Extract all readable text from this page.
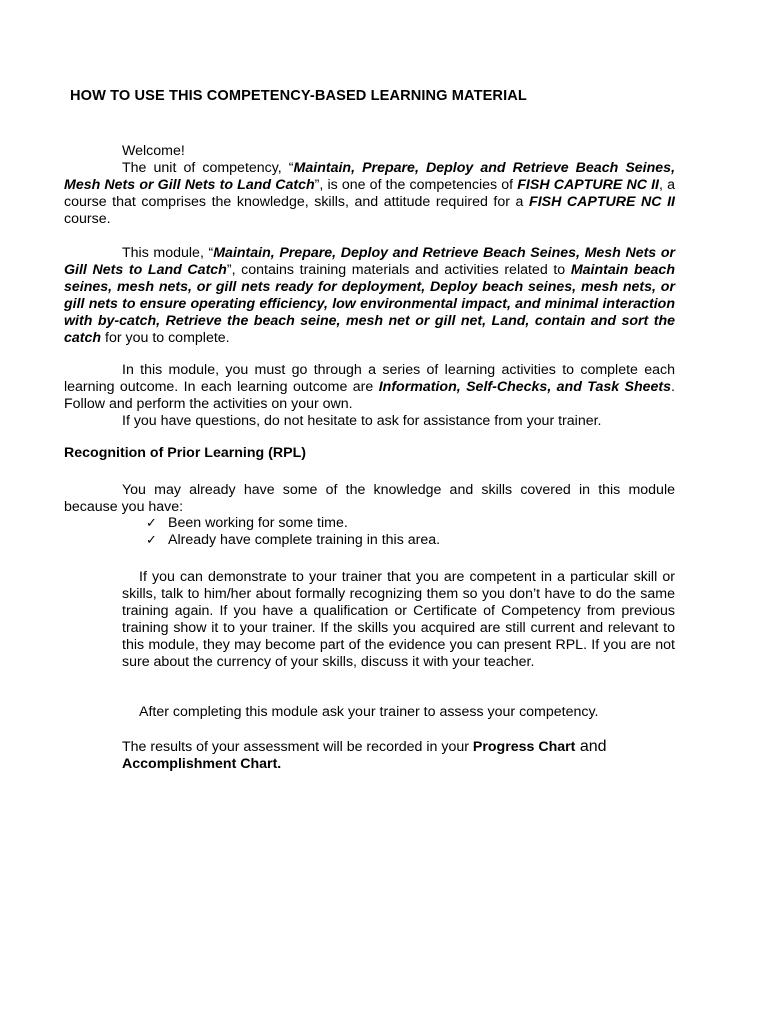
HOW TO USE THIS COMPETENCY-BASED LEARNING MATERIAL

Welcome!

The unit of competency, “Maintain, Prepare, Deploy and Retrieve Beach Seines, Mesh Nets or Gill Nets to Land Catch”, is one of the competencies of FISH CAPTURE NC II, a course that comprises the knowledge, skills, and attitude required for a FISH CAPTURE NC II course.

This module, “Maintain, Prepare, Deploy and Retrieve Beach Seines, Mesh Nets or Gill Nets to Land Catch”, contains training materials and activities related to Maintain beach seines, mesh nets, or gill nets ready for deployment, Deploy beach seines, mesh nets, or gill nets to ensure operating efficiency, low environmental impact, and minimal interaction with by-catch, Retrieve the beach seine, mesh net or gill net, Land, contain and sort the catch for you to complete.

In this module, you must go through a series of learning activities to complete each learning outcome. In each learning outcome are Information, Self-Checks, and Task Sheets. Follow and perform the activities on your own.

If you have questions, do not hesitate to ask for assistance from your trainer.

Recognition of Prior Learning (RPL)

You may already have some of the knowledge and skills covered in this module because you have:

✓ Been working for some time.
✓ Already have complete training in this area.

If you can demonstrate to your trainer that you are competent in a particular skill or skills, talk to him/her about formally recognizing them so you don’t have to do the same training again. If you have a qualification or Certificate of Competency from previous training show it to your trainer. If the skills you acquired are still current and relevant to this module, they may become part of the evidence you can present RPL. If you are not sure about the currency of your skills, discuss it with your teacher.

After completing this module ask your trainer to assess your competency.

The results of your assessment will be recorded in your Progress Chart and
Accomplishment Chart.
